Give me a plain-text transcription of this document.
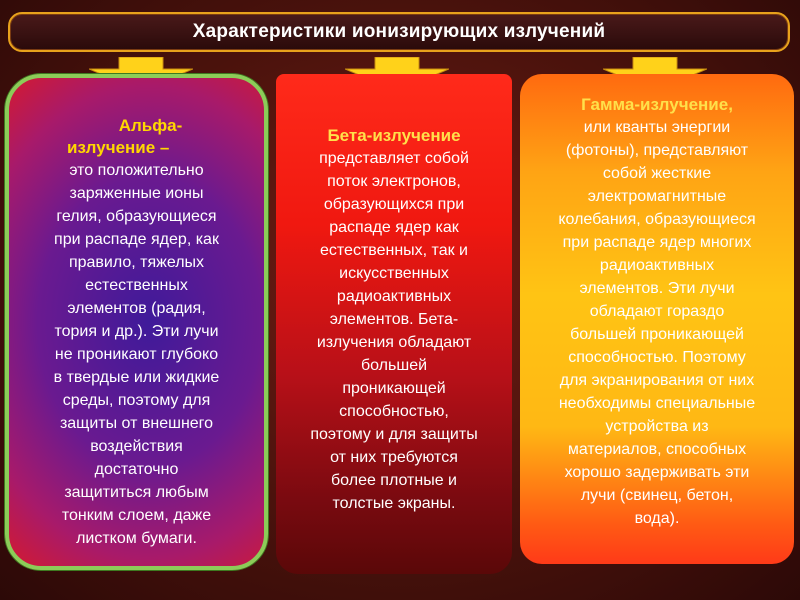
Характеристики ионизирующих излучений

Альфа-

излучение –

это положительно

заряженные ионы

гелия, образующиеся

при распаде ядер, как

правило, тяжелых

естественных

элементов (радия,

тория и др.). Эти лучи

не проникают глубоко

в твердые или жидкие

среды, поэтому для

защиты от внешнего

воздействия

достаточно

защититься любым

тонким слоем, даже

листком бумаги.

Бета-излучение

представляет собой

поток электронов,

образующихся при

распаде ядер как

естественных, так и

искусственных

радиоактивных

элементов. Бета-

излучения обладают

большей

проникающей

способностью,

поэтому и для защиты

от них требуются

более плотные и

толстые экраны.

Гамма-излучение,

или кванты энергии

(фотоны), представляют

собой жесткие

электромагнитные

колебания, образующиеся

при распаде ядер многих

радиоактивных

элементов. Эти лучи

обладают гораздо

большей проникающей

способностью. Поэтому

для экранирования от них

необходимы специальные

устройства из

материалов, способных

хорошо задерживать эти

лучи (свинец, бетон,

вода).
